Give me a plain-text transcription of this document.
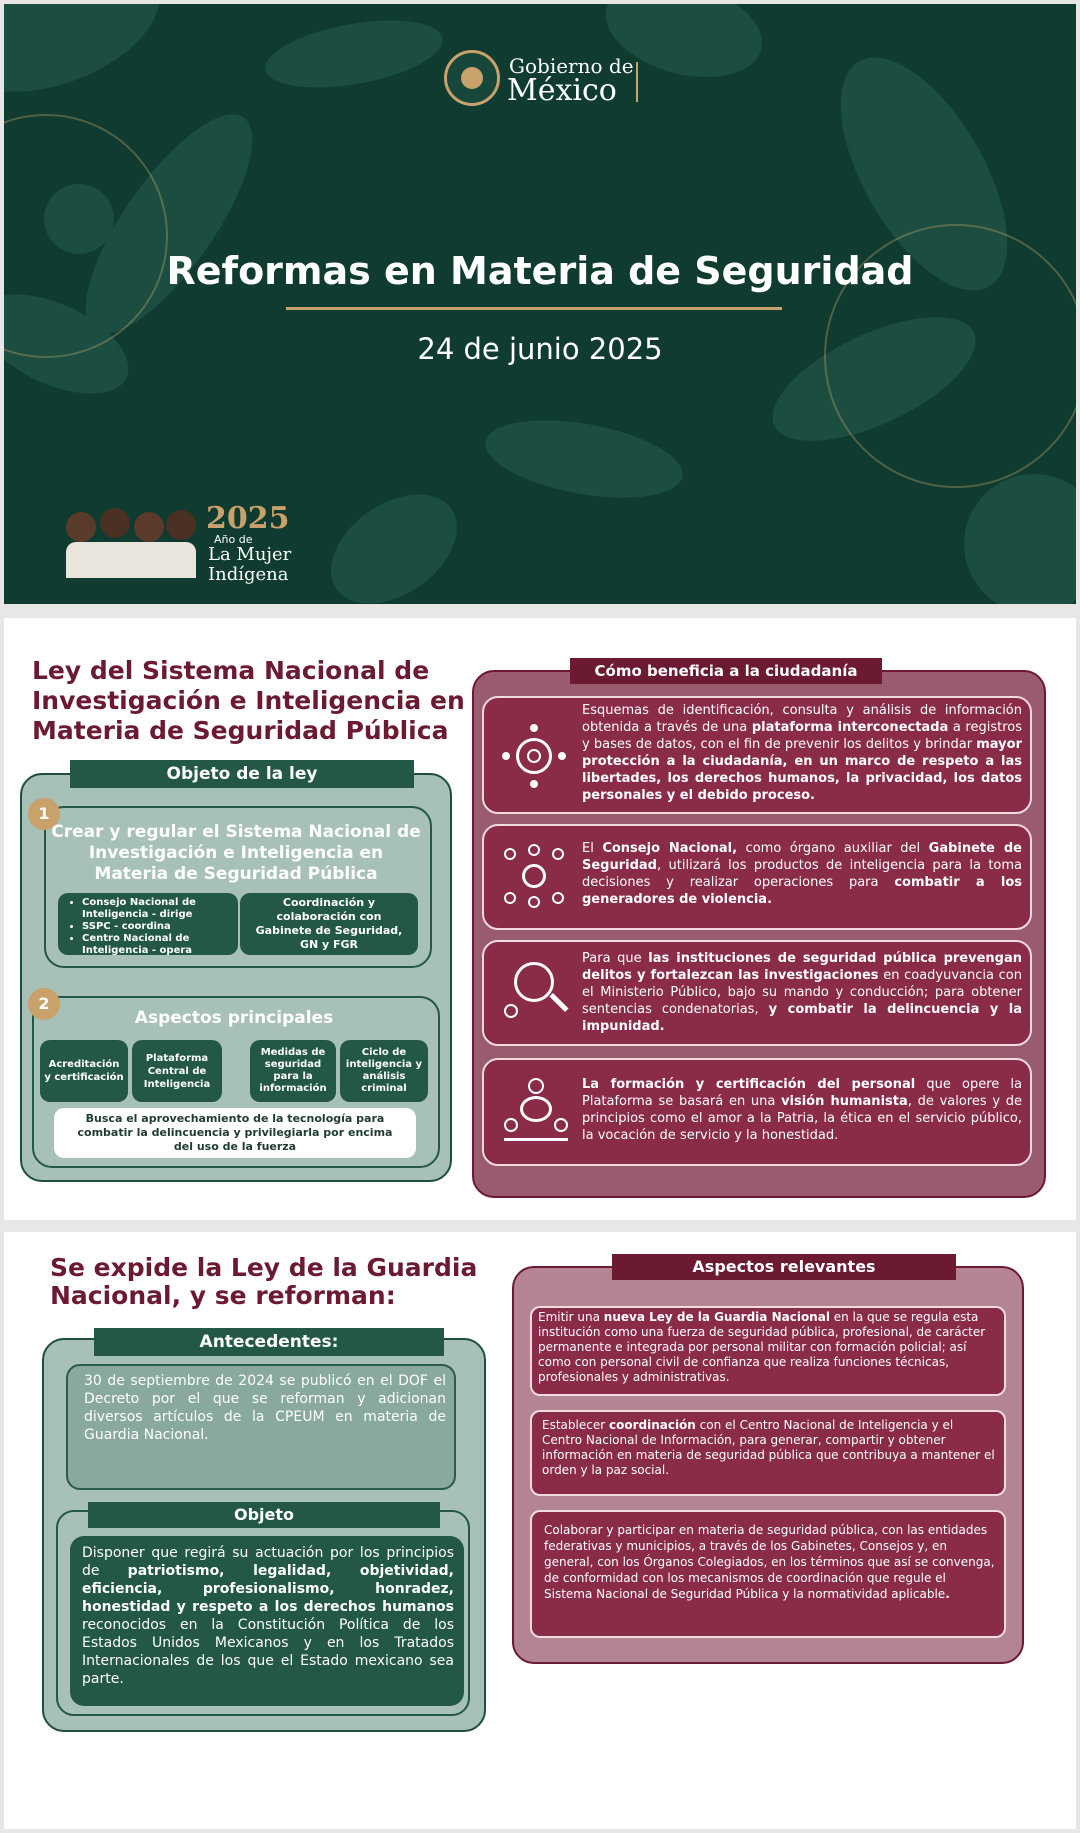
Gobierno de
México
Reformas en Materia de Seguridad
24 de junio 2025
2025
Año de
La Mujer
Indígena
Ley del Sistema Nacional de
Investigación e Inteligencia en
Materia de Seguridad Pública
Objeto de la ley
1
Crear y regular el Sistema Nacional de
Investigación e Inteligencia en
Materia de Seguridad Pública
• Consejo Nacional de Inteligencia - dirige
• SSPC - coordina
• Centro Nacional de Inteligencia - opera
Coordinación y colaboración con Gabinete de Seguridad, GN y FGR
2
Aspectos principales
Acreditación y certificación
Plataforma Central de Inteligencia
Medidas de seguridad para la información
Ciclo de inteligencia y análisis criminal
Busca el aprovechamiento de la tecnología para combatir la delincuencia y privilegiarla por encima del uso de la fuerza
Cómo beneficia a la ciudadanía
Esquemas de identificación, consulta y análisis de información obtenida a través de una plataforma interconectada a registros y bases de datos, con el fin de prevenir los delitos y brindar mayor protección a la ciudadanía, en un marco de respeto a las libertades, los derechos humanos, la privacidad, los datos personales y el debido proceso.
El Consejo Nacional, como órgano auxiliar del Gabinete de Seguridad, utilizará los productos de inteligencia para la toma decisiones y realizar operaciones para combatir a los generadores de violencia.
Para que las instituciones de seguridad pública prevengan delitos y fortalezcan las investigaciones en coadyuvancia con el Ministerio Público, bajo su mando y conducción; para obtener sentencias condenatorias, y combatir la delincuencia y la impunidad.
La formación y certificación del personal que opere la Plataforma se basará en una visión humanista, de valores y de principios como el amor a la Patria, la ética en el servicio público, la vocación de servicio y la honestidad.
Se expide la Ley de la Guardia
Nacional, y se reforman:
Antecedentes:
30 de septiembre de 2024 se publicó en el DOF el Decreto por el que se reforman y adicionan diversos artículos de la CPEUM en materia de Guardia Nacional.
Objeto
Disponer que regirá su actuación por los principios de patriotismo, legalidad, objetividad, eficiencia, profesionalismo, honradez, honestidad y respeto a los derechos humanos reconocidos en la Constitución Política de los Estados Unidos Mexicanos y en los Tratados Internacionales de los que el Estado mexicano sea parte.
Aspectos relevantes
Emitir una nueva Ley de la Guardia Nacional en la que se regula esta institución como una fuerza de seguridad pública, profesional, de carácter permanente e integrada por personal militar con formación policial; así como con personal civil de confianza que realiza funciones técnicas, profesionales y administrativas.
Establecer coordinación con el Centro Nacional de Inteligencia y el Centro Nacional de Información, para generar, compartir y obtener información en materia de seguridad pública que contribuya a mantener el orden y la paz social.
Colaborar y participar en materia de seguridad pública, con las entidades federativas y municipios, a través de los Gabinetes, Consejos y, en general, con los Órganos Colegiados, en los términos que así se convenga, de conformidad con los mecanismos de coordinación que regule el Sistema Nacional de Seguridad Pública y la normatividad aplicable.
